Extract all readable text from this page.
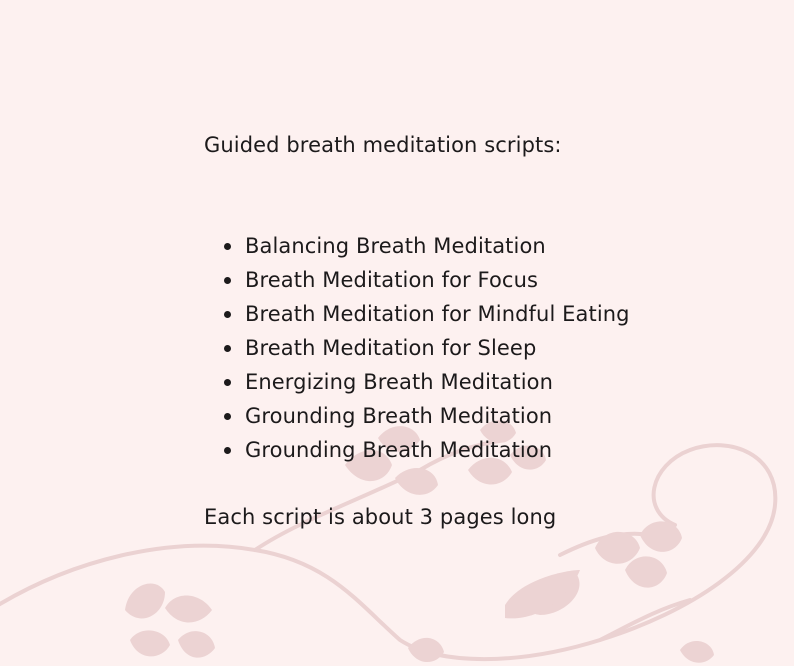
Guided breath meditation scripts:
Balancing Breath Meditation
Breath Meditation for Focus
Breath Meditation for Mindful Eating
Breath Meditation for Sleep
Energizing Breath Meditation
Grounding Breath Meditation
Grounding Breath Meditation
Each script is about 3 pages long
